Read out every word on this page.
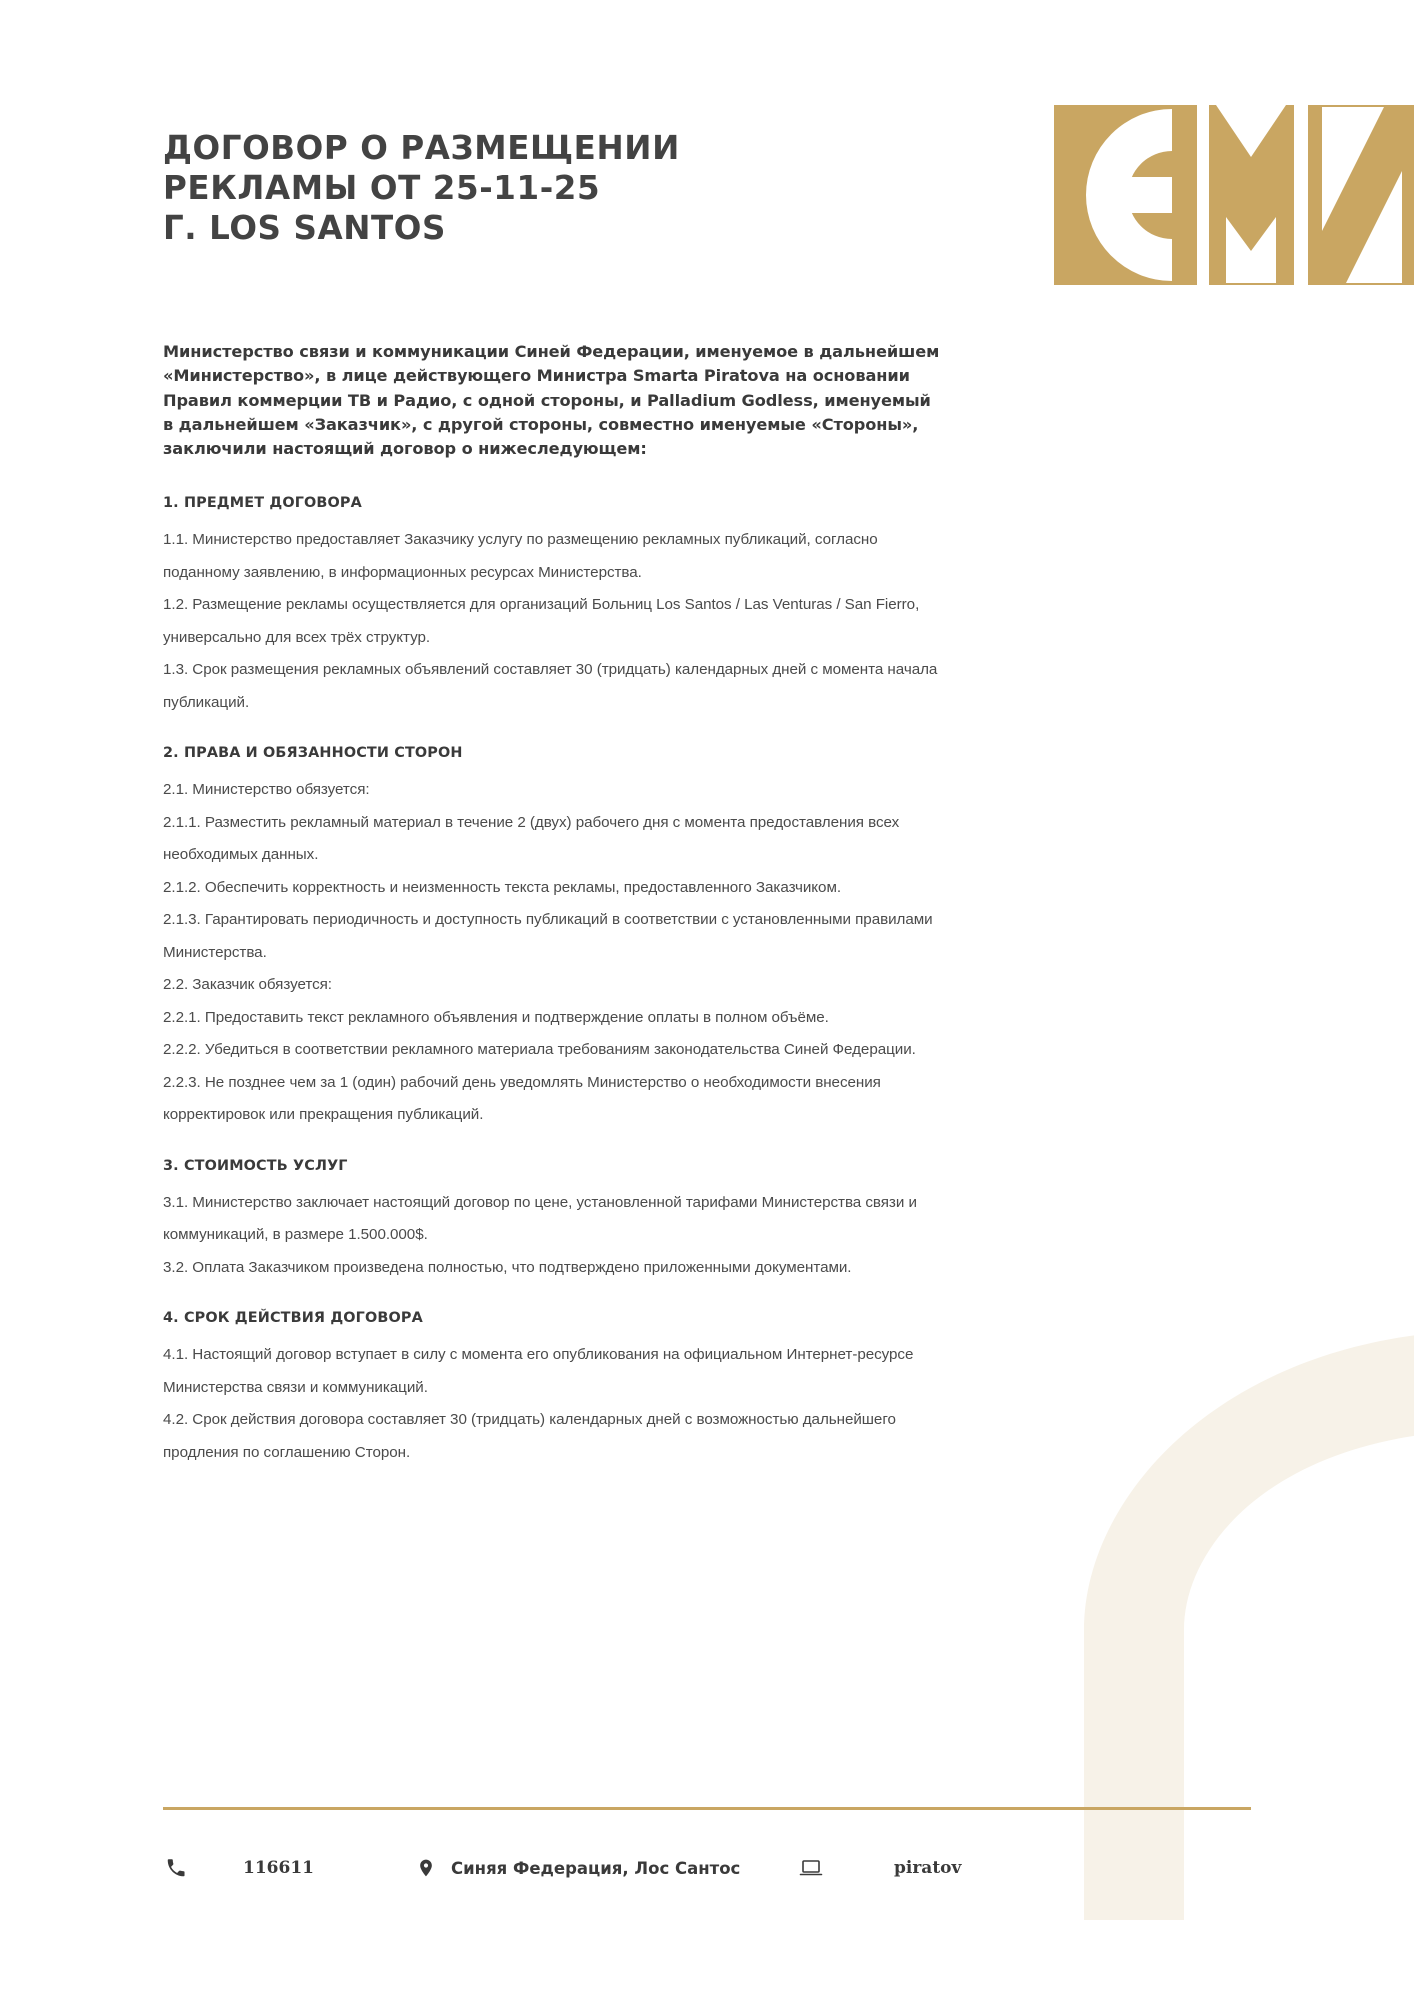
ДОГОВОР О РАЗМЕЩЕНИИ
РЕКЛАМЫ ОТ 25-11-25
Г. LOS SANTOS

Министерство связи и коммуникации Синей Федерации, именуемое в дальнейшем «Министерство», в лице действующего Министра Smarta Piratova на основании Правил коммерции ТВ и Радио, с одной стороны, и Palladium Godless, именуемый в дальнейшем «Заказчик», с другой стороны, совместно именуемые «Стороны», заключили настоящий договор о нижеследующем:

1. ПРЕДМЕТ ДОГОВОРА
1.1. Министерство предоставляет Заказчику услугу по размещению рекламных публикаций, согласно поданному заявлению, в информационных ресурсах Министерства.
1.2. Размещение рекламы осуществляется для организаций Больниц Los Santos / Las Venturas / San Fierro, универсально для всех трёх структур.
1.3. Срок размещения рекламных объявлений составляет 30 (тридцать) календарных дней с момента начала публикаций.
2. ПРАВА И ОБЯЗАННОСТИ СТОРОН
2.1. Министерство обязуется:
2.1.1. Разместить рекламный материал в течение 2 (двух) рабочего дня с момента предоставления всех необходимых данных.
2.1.2. Обеспечить корректность и неизменность текста рекламы, предоставленного Заказчиком.
2.1.3. Гарантировать периодичность и доступность публикаций в соответствии с установленными правилами Министерства.
2.2. Заказчик обязуется:
2.2.1. Предоставить текст рекламного объявления и подтверждение оплаты в полном объёме.
2.2.2. Убедиться в соответствии рекламного материала требованиям законодательства Синей Федерации.
2.2.3. Не позднее чем за 1 (один) рабочий день уведомлять Министерство о необходимости внесения корректировок или прекращения публикаций.
3. СТОИМОСТЬ УСЛУГ
3.1. Министерство заключает настоящий договор по цене, установленной тарифами Министерства связи и коммуникаций, в размере 1.500.000$.
3.2. Оплата Заказчиком произведена полностью, что подтверждено приложенными документами.
4. СРОК ДЕЙСТВИЯ ДОГОВОРА
4.1. Настоящий договор вступает в силу с момента его опубликования на официальном Интернет-ресурсе Министерства связи и коммуникаций.
4.2. Срок действия договора составляет 30 (тридцать) календарных дней с возможностью дальнейшего продления по соглашению Сторон.
116611	Синяя Федерация, Лос Сантос	piratov
